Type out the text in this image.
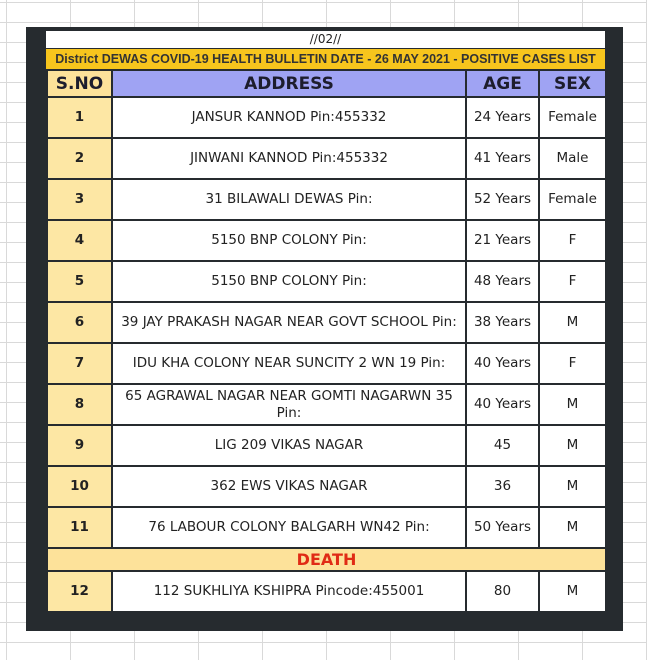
//02//
District DEWAS COVID-19 HEALTH BULLETIN DATE - 26 MAY 2021 - POSITIVE CASES LIST
S.NO	ADDRESS	AGE	SEX
1	JANSUR KANNOD Pin:455332	24 Years	Female
2	JINWANI KANNOD Pin:455332	41 Years	Male
3	31 BILAWALI DEWAS Pin:	52 Years	Female
4	5150 BNP COLONY Pin:	21 Years	F
5	5150 BNP COLONY Pin:	48 Years	F
6	39 JAY PRAKASH NAGAR NEAR GOVT SCHOOL Pin:	38 Years	M
7	IDU KHA COLONY NEAR SUNCITY 2 WN 19 Pin:	40 Years	F
8	65 AGRAWAL NAGAR NEAR GOMTI NAGARWN 35 Pin:	40 Years	M
9	LIG 209 VIKAS NAGAR	45	M
10	362 EWS VIKAS NAGAR	36	M
11	76 LABOUR COLONY BALGARH WN42 Pin:	50 Years	M
DEATH			
12	112 SUKHLIYA KSHIPRA Pincode:455001	80	M
